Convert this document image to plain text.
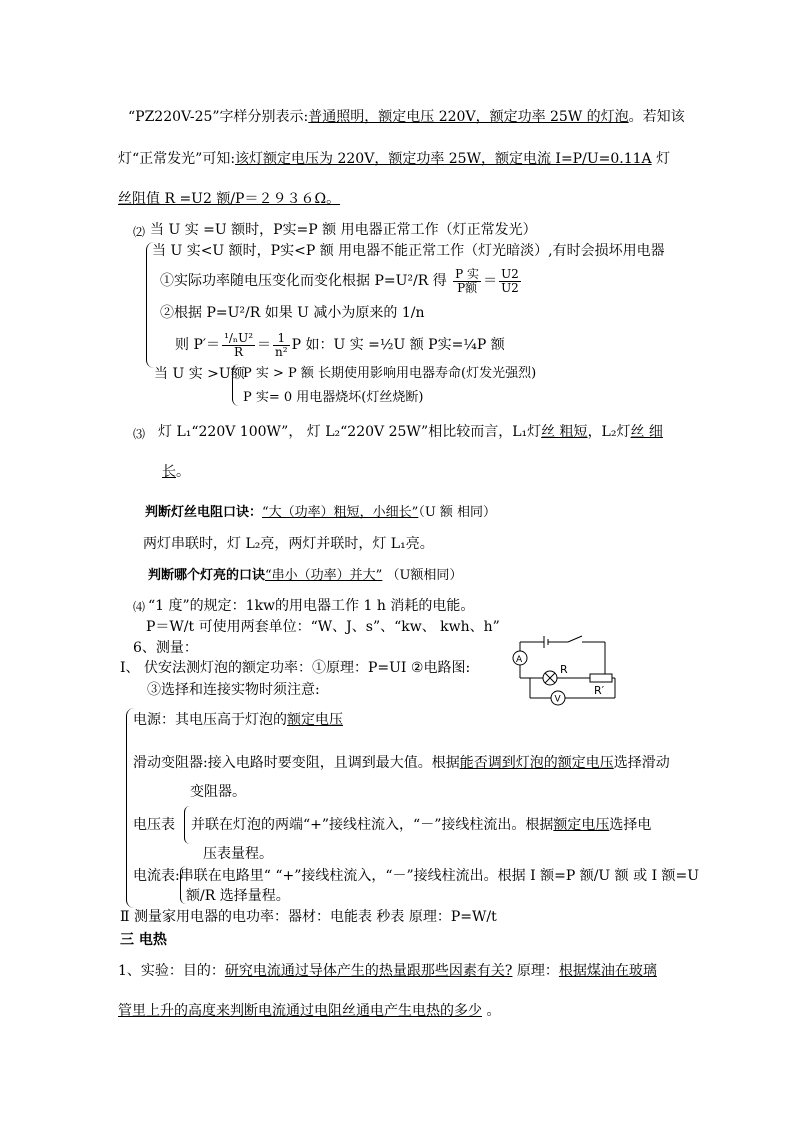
“PZ220V-25”字样分别表示:普通照明，额定电压 220V，额定功率 25W 的灯泡。若知该
灯“正常发光”可知:该灯额定电压为 220V，额定功率 25W，额定电流 I=P/U=0.11A 灯
丝阻值 R =U2 额/P＝２９３６Ω。
⑵ 当 U 实 =U 额时，P实=P 额 用电器正常工作（灯正常发光）
当 U 实<U 额时，P实<P 额 用电器不能正常工作（灯光暗淡）,有时会损坏用电器
①实际功率随电压变化而变化根据 P=U²/R 得 $\frac{\text{P 实}}{\text{P额}} = \frac{U2}{U2}$
②根据 P=U²/R 如果 U 减小为原来的 1/n
则 $P'= \frac{\text{¹/ₙU²}}{R} = \frac{1}{\text{n²}}$ P 如：U 实 =½U 额 P实=¼P 额
当 U 实 >U额
P 实 > P 额 长期使用影响用电器寿命(灯发光强烈)
P 实= 0 用电器烧坏(灯丝烧断)
⑶ 灯 L₁“220V 100W”， 灯 L₂“220V 25W”相比较而言，L₁灯丝 粗短，L₂灯丝 细
长。
判断灯丝电阻口诀：“大（功率）粗短，小细长”（U 额 相同）
两灯串联时，灯 L₂亮，两灯并联时，灯 L₁亮。
判断哪个灯亮的口诀“串小（功率）并大” （U额相同）
⑷ “1 度”的规定：1kw的用电器工作 1 h 消耗的电能。
P＝W/t 可使用两套单位：“W、J、s”、“kw、 kwh、h”
6、测量：
Ⅰ、 伏安法测灯泡的额定功率：①原理：P=UI ②电路图:
③选择和连接实物时须注意:
A
V
R
R′
电源：其电压高于灯泡的额定电压
滑动变阻器:接入电路时要变阻，且调到最大值。根据能否调到灯泡的额定电压选择滑动
变阻器。
电压表 并联在灯泡的两端“+”接线柱流入，“－”接线柱流出。根据额定电压选择电
压表量程。
电流表:串联在电路里“ “+”接线柱流入，“－”接线柱流出。根据 I 额=P 额/U 额 或 I 额=U
额/R 选择量程。
Ⅱ 测量家用电器的电功率：器材：电能表 秒表 原理：P=W/t
三 电热
1、实验：目的：研究电流通过导体产生的热量跟那些因素有关? 原理：根据煤油在玻璃
管里上升的高度来判断电流通过电阻丝通电产生电热的多少 。
